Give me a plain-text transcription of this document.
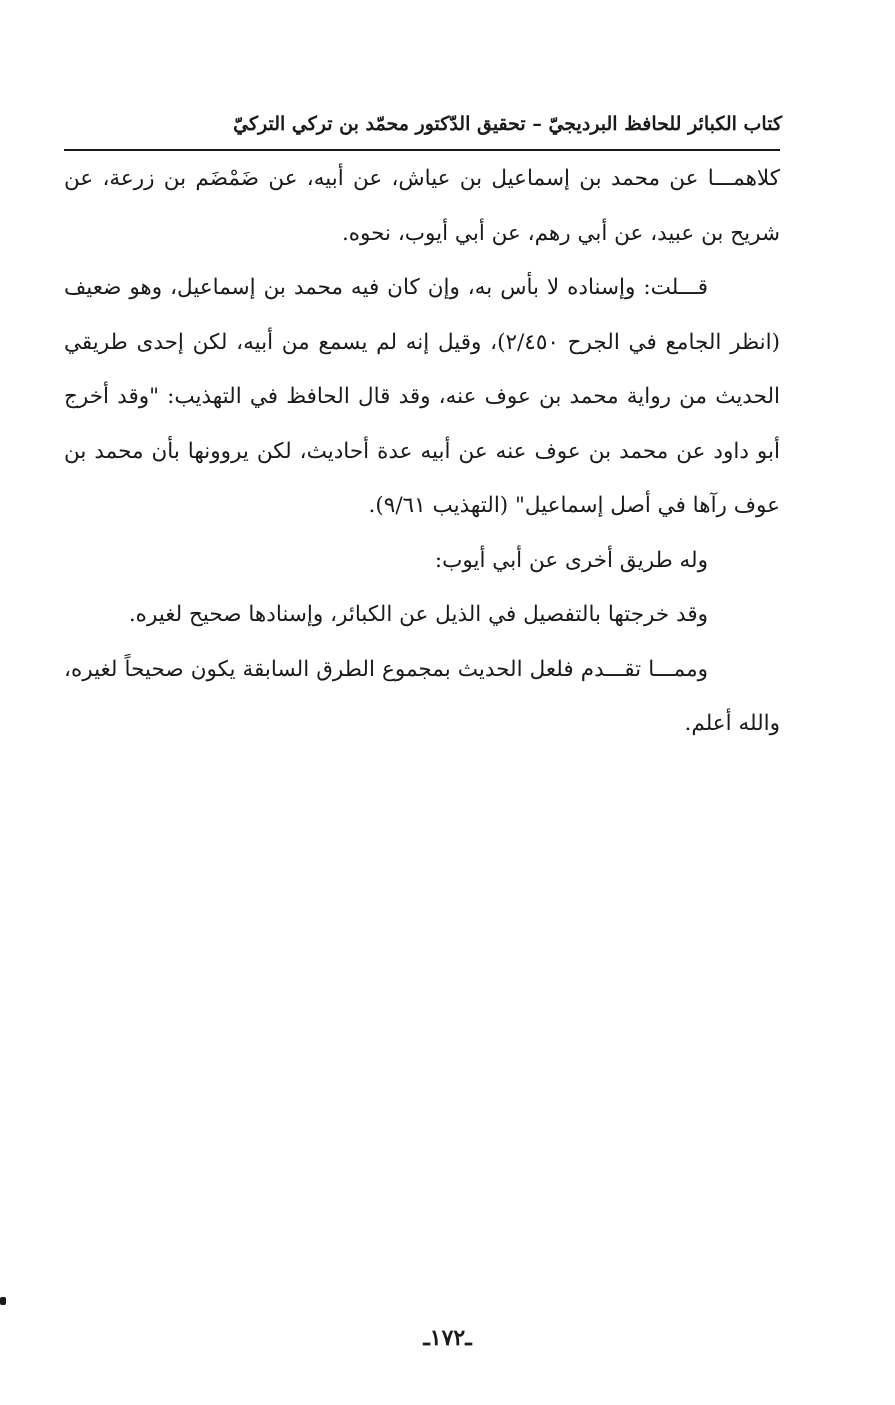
كتاب الكبائر للحافظ البرديجيّ – تحقيق الدّكتور محمّد بن تركي التركيّ

كلاهمـــا عن محمد بن إسماعيل بن عياش، عن أبيه، عن ضَمْضَم بن زرعة، عن شريح بن عبيد، عن أبي رهم، عن أبي أيوب، نحوه.

قـــلت: وإسناده لا بأس به، وإن كان فيه محمد بن إسماعيل، وهو ضعيف (انظر الجامع في الجرح ٢/٤٥٠)، وقيل إنه لم يسمع من أبيه، لكن إحدى طريقي الحديث من رواية محمد بن عوف عنه، وقد قال الحافظ في التهذيب: "وقد أخرج أبو داود عن محمد بن عوف عنه عن أبيه عدة أحاديث، لكن يروونها بأن محمد بن عوف رآها في أصل إسماعيل" (التهذيب ٩/٦١).

وله طريق أخرى عن أبي أيوب:

وقد خرجتها بالتفصيل في الذيل عن الكبائر، وإسنادها صحيح لغيره.

وممـــا تقـــدم فلعل الحديث بمجموع الطرق السابقة يكون صحيحاً لغيره، والله أعلم.

ـ١٧٢ـ
